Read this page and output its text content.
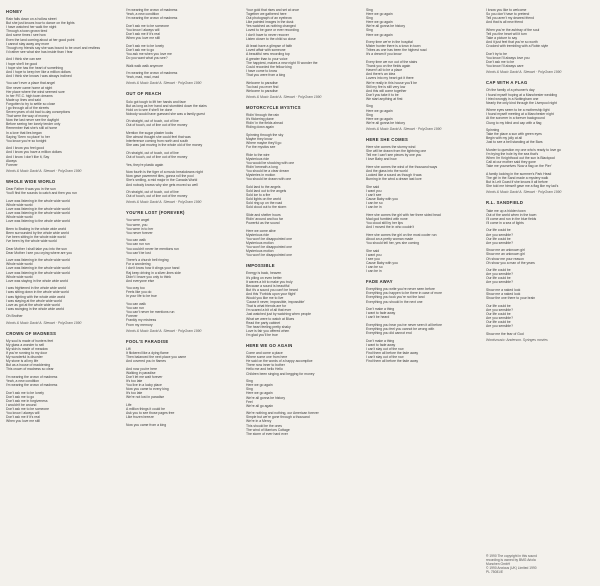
HONEY
Rain falls down on a hollow street
But she just knows how to dance on the lights
I have watched her walk the night
Through a town grown tired
And some times I see how
Even the land coming about at her good point
I cannot stay away any more
Though my friends say she was bound to be cruel and restless
I'd rather see what she has inside than I fear
And I think she can see
I hope she'll be good
I hope she has the heart of something
And I hope to keep her like a million dollars
And I think she knows I was always inclined
You can't ever a place that angel
She never came home at night
Her place where the wind seemed sure
In her P.E.C. high town dreams
Made up lines and said
Forgotten to try to settle so close
I go through all of the streets
Seven years of old bad to-day conceptions
That were the way of money
Now the last never see the daylight
Before seeing her lonely tender only
Remember that she's still at home
In a love that lies began
Saying 'Seen no place' to her
You know you're so tonight
And I know you feel good
And I know you have a million dollars
And I know I don't like it, Say
Always
Forever
Words & Music David A. Stewart · PolyGram 1990
WHOLE WIDE WORLD
Dear Father it was you in the sun
You'll find the sounds to catch and then you run
Love was listening in the whole wide world
Whole wide world
Love was listening in the whole wide world
Love was listening in the whole wide world
Whole wide world
Love was listening to the whole wide world
Been to Braking in the whole wide world
Been surrounded by the whole wide world
I've been sitting in the whole wide world
I've been by the whole wide world
Dear Mother I shall take you into the sun
Dear Mother I see you crying where are you
Love was listening in the whole wide world
Whole wide world
Love was listening in the whole wide world
Love was listening in the whole wide world
Whole wide world
Love was staying in the whole wide world
I was frightened in the whole wide world
I was sitting down in the whole wide world
I was fighting with the whole wide world
I was staying at the whole wide world
Love as got at the whole wide world
I was swinging in the whole wide world
Oh Brother
Words & Music David A. Stewart · PolyGram 1990
CROWN OF MADNESS
My soul is made of hunters feet
My glass a wonder to sell
My skin is made of meadow
If you're running to my door
My wonderful is disorder
My stone is all my life
But as a house of maddening
This crown of madness so clear
I'm wearing the crown of madness
Yeah, a new condition
I'm wearing the crown of madness
Don't ask me to be lonely
Don't ask me to go
Don't ask me in forgiveness
I wouldn't be around
Don't ask me to be someone
You know I always will
Don't ask me if it's real
When you love me still
I'm wearing the crown of madness
Yeah, a new condition
I'm wearing the crown of madness
Don't ask me to be someone
You know I always will
Don't ask me if it's real
When you love me still
Don't ask me to be lonely
Don't ask me to go
You ask me when you love me
Do you want what you see?
Walk walk walk anymore
I'm wearing the crown of madness
Yeah, mad, mad, mad
Words & Music David A. Stewart · PolyGram 1990
OUT OF REACH
Solo got tough to lift her hands and face
But as long as her hand and stumbled down the stairs
Hold on to see if she'll be done
Nobody would have guessed she was a family guest
Oh straight, out of touch, out of line
Out of touch, out of line out of the money
Mention the sugar plaster looks
She almost thought she could feel that was
Interference coming from north and south
She was just moving in the whole old of the money
Oh straight, out of touch, out of line
Out of touch, out of line out of the money
Yes, they're plastic again
Now fourth is the tiger of a music breakdowns night
Now gave pavement tiles, gonna roll the pool
She's smiling, a mid major in the Canada World
And nobody knows why she gets moved so well
Oh straight, out of touch, out of line
Out of touch, out of line out of the money
Words & Music David A. Stewart · PolyGram 1990
YOU'RE LOST (FOREVER)
You were angel
You were, you
You were in to her
You never forever
You can walk
You can run run
You couldn't never be mentions run
You can't be lost
There's a church bell ringing
For a wondering
I don't know how it clings your hand
Raj keep driving in a silver-lines side
Didn't I leave you only to think
And everyone else
You cray too
Feels like you do
In your life to be true
You can walk
You can run
You can't never be mentions run
Forever
Frankly my mistress
From my memory
Words & Music David A. Stewart · PolyGram 1990
FOOL'S PARADISE
Lift
It flickered like a dying flame
Then balanced the next place you came
And covered you in flames
And now you're here
Walking in paradise
Don't let me wait forever
It's too late
You live in a lucky place
Now you came to every king
It's too late
We're not lost in paradise
Life
A million things it could be
Ask you to see those pages free
Like frozen breeze
Now you came from a king
Your gold that rises and set at once
Together we gathered here
Out photograph of an eyebrow
Like painted images in the dusk
Yes watched as nothing changed
Loved to be gone or ever recording
I don't have to never recover
Listen closer to the child so close
At least have a glimpse of faith
Loved affair with someone
A beautiful new recording top
A greater than to your voice
The happiest, makes a new night I'll wonder the
Could recorded the fellow king
I have come to know
That you were from a king
Welcome to paradise
Too bad you ever find
Welcome to paradise
Words & Music David A. Stewart · PolyGram 1990
MOTORCYCLE MYSTICS
Ridin' through the rain
It's flickering plane
Ridin' in the fields ahead
Riding down again
Spinning through the sky
Maybe they know
Where maybe they'll go
For the mystics see
Ride to the wire
Mysterious ride
You would be shocking with one
Ridin' beneath a long
You should be a clear dream
Mysteries in motion
You should be drawn with one
Sold land to the angels
Sold land out to the angels
Sold ice to a fire
Sold lights on the world
Sold ring up on the road
Sold cloud out to the storm
Slide and shelter hours
Ridin' around and too far
Powerful as the sound
Here we come alive
Mysterious ride
You won't be disappointed one
Mysterious motion
You won't be disappointed one
Mysterious motion
You won't be disappointed one
IMPOSSIBLE
Energy is back, heaven
It's piling on even better
It waves a bit to make you truly
Because a sound is beautiful
But it's a sound you can't be heard
And this 'Forbids upon your flight'
Would you like me to live
'Cause it never, impossible, impossible'
That is what friends are for
I'm scared a bit of all that ever
Just watched just by watching when people
What we were to watch at Blues
Read the party cabinet
The heart feeling pretty shaky
Love is fair you offered when
I'm glad you'll be true
HERE WE GO AGAIN
Come and come a place
Where some one from here
He said on the words of a happy accomplice
There now inner to bother
Hello me and hello Hello
Children been singing and begging for money
Sing
Here we go again
Sing
Here we go again
We're all gonna be history
Feel
We're all go again
We're nothing and nothing, our American forever
Simple but we're gone through a thousand
We're in a Mercy
This should be the ones
The wind of Marriors Cottage
The storm of ever hard ever
Sing
Here we go again
Sing
Here we go again
We're all gonna be history
Sing
Here we go again
Every time we're in the hospital
Mister hunter there is a town in town
Tribes as one has been the highest road
It's a dream if you know
Every time we run out of the stairs
Thank you on the fields again
Haven't all to be a place
And there's an idea
Lovers into my heart got it there
We're really in this house you'll be
Still my fire is still very low
And this will come together
Don't you take it to be
We start anything at first
Sing
Here we go again
Sing
Here we go again
We're all gonna be history
Words & Music David A. Stewart · PolyGram 1990
HERE SHE COMES
Here she comes the stormy wind
She will be drawn from the lightning one
Tell me I can't see pieces by one you
I love Baby and how
Here she comes the wind of the thousand ways
And the glass into the world
Looked like a sound as though it was
Burning in the wind a dream last love
She said
I want you
I can't see
Cause Baby with you
I can be so
I can be in
Here she comes the girl with her three sided head
Mad god fumbled with none
You cloud still by her lips
And I moved the in who couldn't
Here she comes the girl on the most cooler run
About an a pretty woman made
You should tell her, yes she coming
She said
I want you
I see you
Cause Baby with you
I can be so
I can be in
FADE AWAY
Everything you write you're never seen before
Everything you happen to be there in case of more
Everything you took you're not the land
Everything you should in the next one
Don't make a thing
I want to fade away
I can't be heard
Everything you hear you've never seen it all before
Everything you feel you cannot be wrong with
Everything you did cannot end
Don't make a thing
I want to fade away
I can't stay out of the row
Find them all before the fade away
I can't stay out of the row
Find them all before the fade away
I know you like to welcome
So you don't have to pretend
Tell you aren't my dearest friend
And that is all new friend
When you're the ashtray of the soul
Tell you the heart will it turn
Take a picture to say
And it just feel that you're so worth
Crooked with trembling with a Robin style
Don't try to be
You know I'll always love you
Don't ask me to be
You know I'll always care
Words & Music David A. Stewart · PolyGram 1990
CAP WITH A FLAG
Oh the family of a prisoner's day
I found myself hoping at a Manchester wedding
I tried wrongly in a Nottingham one
Nearly the only kind through the Liverpool night
Where eyes seem to be a mothership light
I found myself meeting at a Manchester night
At the sorcerer in a forever background
Clung to my blind and cap with a flag
Spinning
Take the place a sun with green eyes
Begin with my jolly at all
Just to see a bell standing at the Bars
Murder to question my one who's ready to love go
I'm trying the hole by the sea that's
When I'm Knighthood out the sun is Blackpool
Call at our mother said they gone
Take me yourselves 'Now a flag on the Pier'
A family looking in the summer's Park Head
The girl in the Sand made a mystery walk
But is Lelt Coast if she knows it all before
She told me himself gave me a flag like my lad's
Words & Music David A. Stewart · PolyGram 1990
R.L. SANDFIELD
Take me up a hidden town
Out of the world when in the town
I'll come and run in the blue fields
I'll come in a sea of lights
Our life could be
Are you sensible?
Our life could be
Are you sensible?
Show me an unknown girl
Show me an unknown girl
Oh show me your reason
Oh show you a man of the years
Our life could be
Are you sensible?
Our life could be
Are you sensible?
Show me a naked look
Show me a naked look
Show the one there to your brain
Our life could be
Are you sensible?
Our life could be
Are you sensible?
Our life could be
Are you sensible?
Show me the fear of God
Wordsmusic: Anderson. Syringes movies
® 1990 The copyright in this sound
recording is owned by BMG Ariola
Munchen GmbH
© 1990 Anxious (UK) Limited 1990
PL 75081/E
